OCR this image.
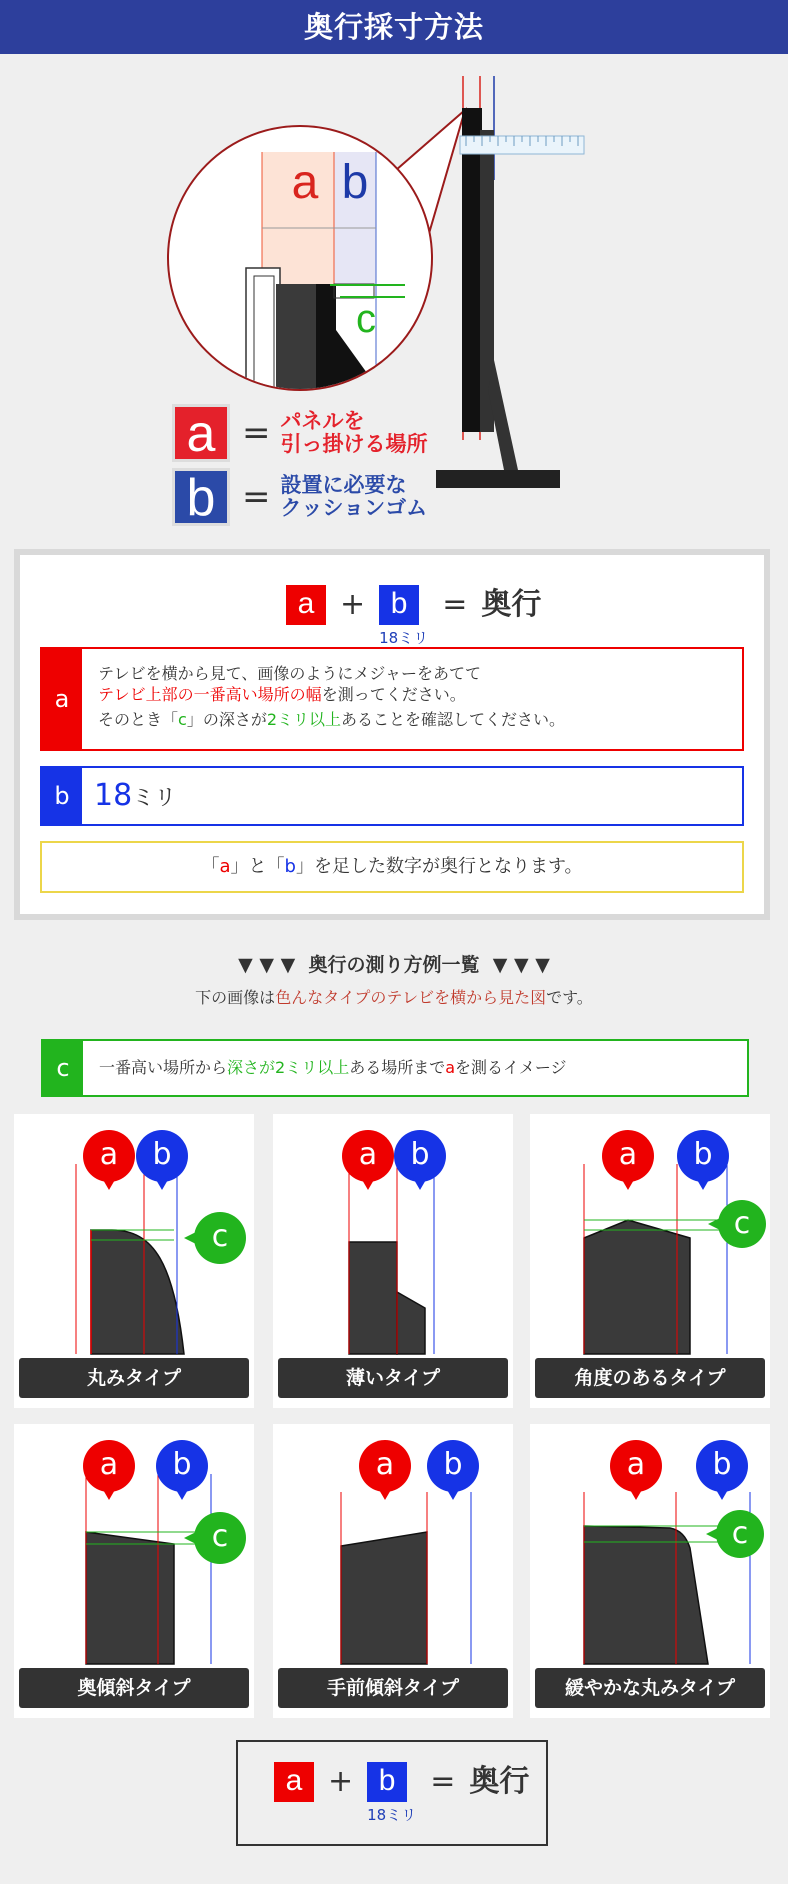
奥行採寸方法
a b
c
a = パネルを
引っ掛ける場所
b = 設置に必要な
クッションゴム
a + b
18ミリ
= 奥行
a
テレビを横から見て、画像のようにメジャーをあてて
テレビ上部の一番高い場所の幅を測ってください。
そのとき「c」の深さが2ミリ以上あることを確認してください。
b 18ミリ
「a」と「b」を足した数字が奥行となります。
▼ ▼ ▼ 奥行の測り方例一覧 ▼ ▼ ▼
下の画像は色んなタイプのテレビを横から見た図です。
c	一番高い場所から深さが2ミリ以上ある場所までaを測るイメージ
a	b
c
丸みタイプ
a	b
薄いタイプ
a	b
c
角度のあるタイプ
a	b
c
奥傾斜タイプ
a	b
手前傾斜タイプ
a	b
c
緩やかな丸みタイプ
a + b
18ミリ
= 奥行
